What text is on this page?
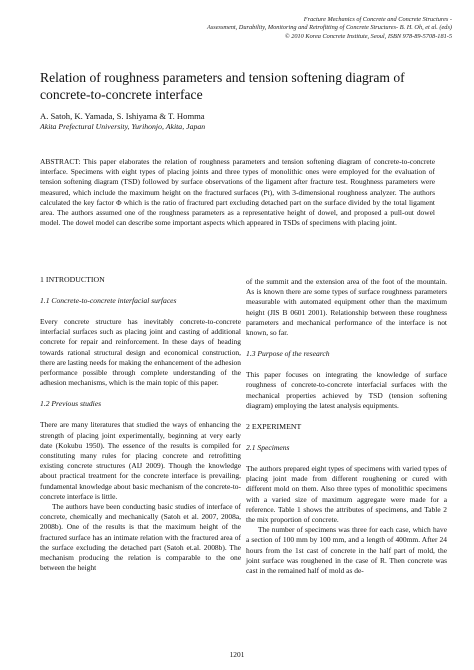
Fracture Mechanics of Concrete and Concrete Structures -
Assessment, Durability, Monitoring and Retrofitting of Concrete Structures- B. H. Oh, et al. (eds)
© 2010 Korea Concrete Institute, Seoul, ISBN 978-89-5708-181-5
Relation of roughness parameters and tension softening diagram of concrete-to-concrete interface
A. Satoh, K. Yamada, S. Ishiyama & T. Homma
Akita Prefectural University, Yurihonjo, Akita, Japan

ABSTRACT: This paper elaborates the relation of roughness parameters and tension softening diagram of concrete-to-concrete interface. Specimens with eight types of placing joints and three types of monolithic ones were employed for the evaluation of tension softening diagram (TSD) followed by surface observations of the ligament after fracture test. Roughness parameters were measured, which include the maximum height on the fractured surfaces (Pt), with 3-dimensional roughness analyzer. The authors calculated the key factor Φ which is the ratio of fractured part excluding detached part on the surface divided by the total ligament area. The authors assumed one of the roughness parameters as a representative height of dowel, and proposed a pull-out dowel model. The dowel model can describe some important aspects which appeared in TSDs of specimens with placing joint.

1 INTRODUCTION
1.1 Concrete-to-concrete interfacial surfaces

Every concrete structure has inevitably concrete-to-concrete interfacial surfaces such as placing joint and casting of additional concrete for repair and reinforcement. In these days of heading towards rational structural design and economical construction, there are lasting needs for making the enhancement of the adhesion performance possible through complete understanding of the adhesion mechanisms, which is the main topic of this paper.

1.2 Previous studies

There are many literatures that studied the ways of enhancing the strength of placing joint experimentally, beginning at very early date (Kokubu 1950). The essence of the results is compiled for constituting many rules for placing concrete and retrofitting existing concrete structures (AIJ 2009). Though the knowledge about practical treatment for the concrete interface is prevailing, fundamental knowledge about basic mechanism of the concrete-to-concrete interface is little.

The authors have been conducting basic studies of interface of concrete, chemically and mechanically (Satoh et al. 2007, 2008a, 2008b). One of the results is that the maximum height of the fractured surface has an intimate relation with the fractured area of the surface excluding the detached part (Satoh et.al. 2008b). The mechanism producing the relation is comparable to the one between the height

of the summit and the extension area of the foot of the mountain. As is known there are some types of surface roughness parameters measurable with automated equipment other than the maximum height (JIS B 0601 2001). Relationship between these roughness parameters and mechanical performance of the interface is not known, so far.

1.3 Purpose of the research

This paper focuses on integrating the knowledge of surface roughness of concrete-to-concrete interfacial surfaces with the mechanical properties achieved by TSD (tension softening diagram) employing the latest analysis equipments.

2 EXPERIMENT
2.1 Specimens

The authors prepared eight types of specimens with varied types of placing joint made from different roughening or cured with different mold on them. Also three types of monolithic specimens with a varied size of maximum aggregate were made for a reference. Table 1 shows the attributes of specimens, and Table 2 the mix proportion of concrete.

The number of specimens was three for each case, which have a section of 100 mm by 100 mm, and a length of 400mm. After 24 hours from the 1st cast of concrete in the half part of mold, the joint surface was roughened in the case of R. Then concrete was cast in the remained half of mold as de-

1201
